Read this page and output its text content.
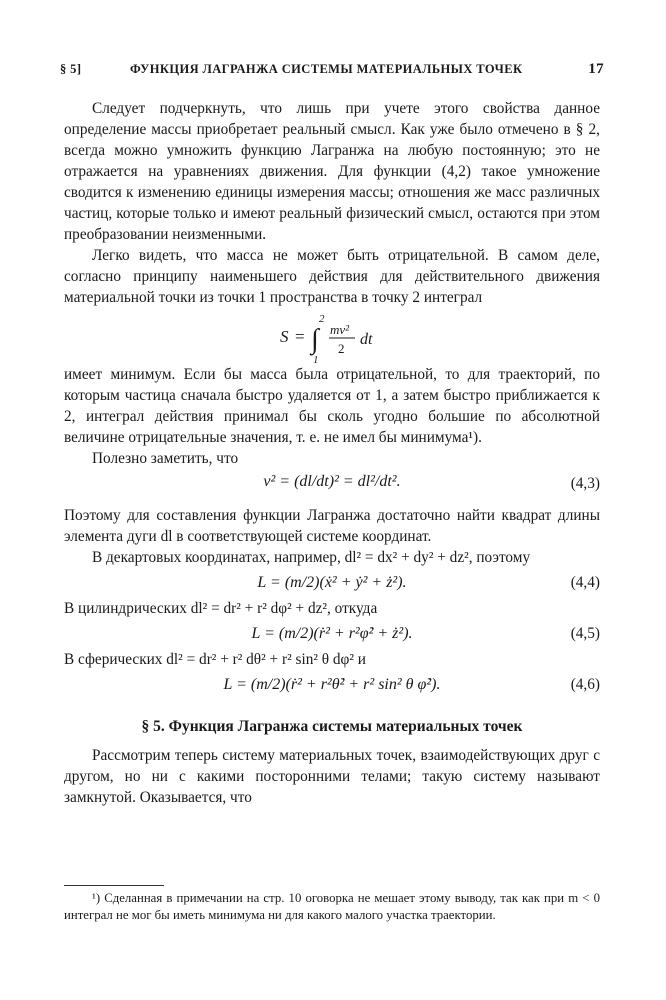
§ 5]	ФУНКЦИЯ ЛАГРАНЖА СИСТЕМЫ МАТЕРИАЛЬНЫХ ТОЧЕК	17

Следует подчеркнуть, что лишь при учете этого свойства данное определение массы приобретает реальный смысл. Как уже было отмечено в § 2, всегда можно умножить функцию Лагранжа на любую постоянную; это не отражается на уравнениях движения. Для функции (4,2) такое умножение сводится к изменению единицы измерения массы; отношения же масс различных частиц, которые только и имеют реальный физический смысл, остаются при этом преобразовании неизменными.

Легко видеть, что масса не может быть отрицательной. В самом деле, согласно принципу наименьшего действия для действительного движения материальной точки из точки 1 пространства в точку 2 интеграл

S = ∫
2
1
mv²
2
dt

имеет минимум. Если бы масса была отрицательной, то для траекторий, по которым частица сначала быстро удаляется от 1, а затем быстро приближается к 2, интеграл действия принимал бы сколь угодно большие по абсолютной величине отрицательные значения, т. е. не имел бы минимума¹).

Полезно заметить, что

v² = (dl/dt)² = dl²/dt².	(4,3)

Поэтому для составления функции Лагранжа достаточно найти квадрат длины элемента дуги dl в соответствующей системе координат.

В декартовых координатах, например, dl² = dx² + dy² + dz², поэтому

L = (m/2)(ẋ² + ẏ² + ż²).	(4,4)

В цилиндрических dl² = dr² + r² dφ² + dz², откуда

L = (m/2)(ṙ² + r²φ̇² + ż²).	(4,5)

В сферических dl² = dr² + r² dθ² + r² sin² θ dφ² и

L = (m/2)(ṙ² + r²θ̇² + r² sin² θ φ̇²).	(4,6)

§ 5. Функция Лагранжа системы материальных точек

Рассмотрим теперь систему материальных точек, взаимодействующих друг с другом, но ни с какими посторонними телами; такую систему называют замкнутой. Оказывается, что

¹) Сделанная в примечании на стр. 10 оговорка не мешает этому выводу, так как при m < 0 интеграл не мог бы иметь минимума ни для какого малого участка траектории.
